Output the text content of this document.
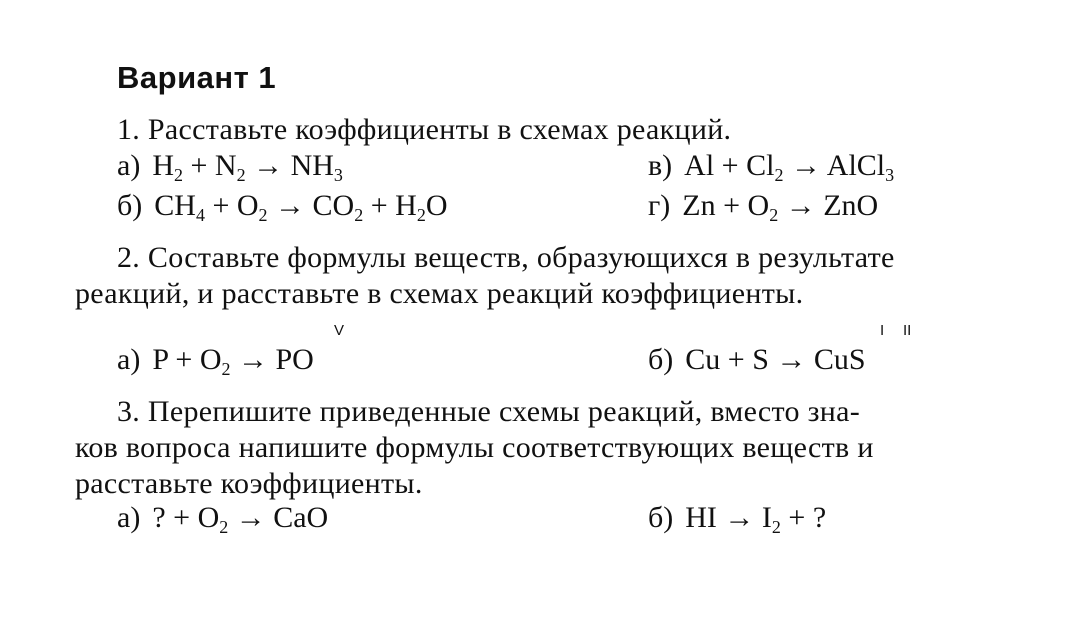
Вариант 1
1. Расставьте коэффициенты в схемах реакций.
а) $H_2 + N_2 \to NH_3$	в) $Al + Cl_2$ → AlCl$_3$
б) $CH_4 + O_2 \to CO_2 + H_2O$	г) $Zn + O_2$ → ZnO
2. Составьте формулы веществ, образующихся в результате
реакций, и расставьте в схемах реакций коэффициенты.
V
а) $P + O_2$ → PO
I II
б) Cu + S → CuS
3. Перепишите приведенные схемы реакций, вместо зна-
ков вопроса напишите формулы соответствующих веществ и
расставьте коэффициенты.
а) ? + $O_2$ → CaO	б) HI → $I_2$ + ?
